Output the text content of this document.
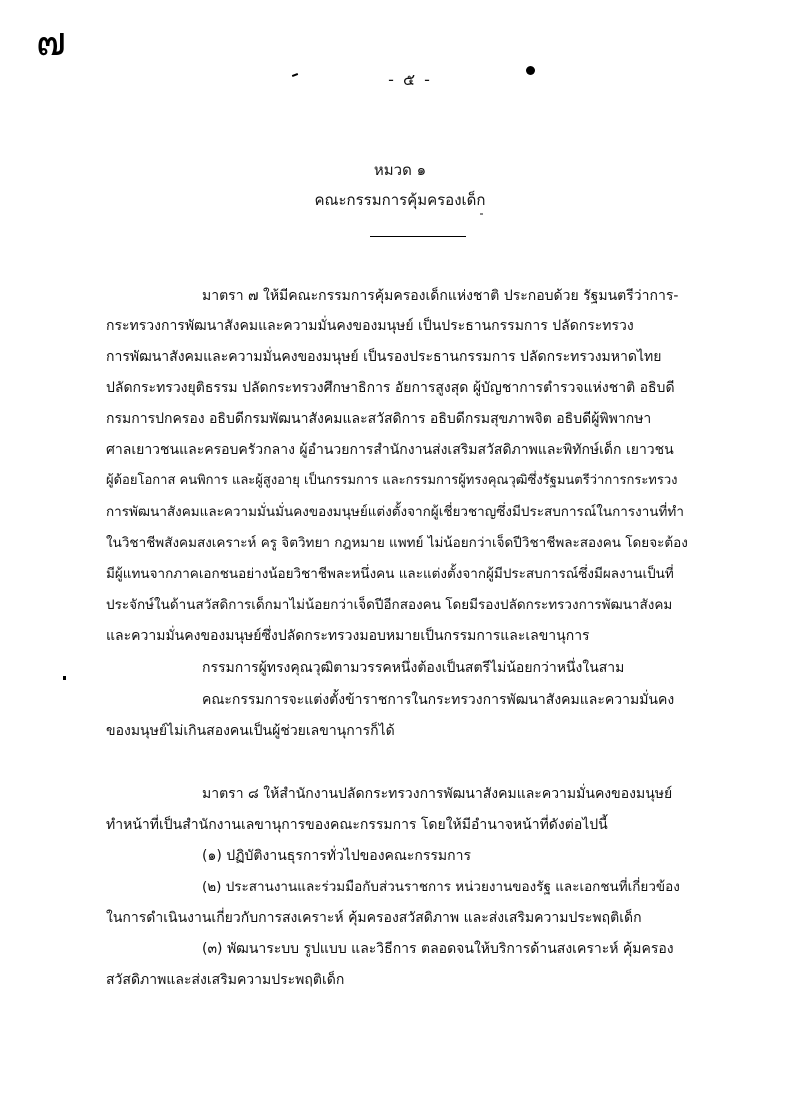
๗
- ๕ -
หมวด ๑
คณะกรรมการคุ้มครองเด็ก
มาตรา ๗ ให้มีคณะกรรมการคุ้มครองเด็กแห่งชาติ ประกอบด้วย รัฐมนตรีว่าการ-
กระทรวงการพัฒนาสังคมและความมั่นคงของมนุษย์ เป็นประธานกรรมการ ปลัดกระทรวง
การพัฒนาสังคมและความมั่นคงของมนุษย์ เป็นรองประธานกรรมการ ปลัดกระทรวงมหาดไทย
ปลัดกระทรวงยุติธรรม ปลัดกระทรวงศึกษาธิการ อัยการสูงสุด ผู้บัญชาการตำรวจแห่งชาติ อธิบดี
กรมการปกครอง อธิบดีกรมพัฒนาสังคมและสวัสดิการ อธิบดีกรมสุขภาพจิต อธิบดีผู้พิพากษา
ศาลเยาวชนและครอบครัวกลาง ผู้อำนวยการสำนักงานส่งเสริมสวัสดิภาพและพิทักษ์เด็ก เยาวชน
ผู้ด้อยโอกาส คนพิการ และผู้สูงอายุ เป็นกรรมการ และกรรมการผู้ทรงคุณวุฒิซึ่งรัฐมนตรีว่าการกระทรวง
การพัฒนาสังคมและความมั่นมั่นคงของมนุษย์แต่งตั้งจากผู้เชี่ยวชาญซึ่งมีประสบการณ์ในการงานที่ทำ
ในวิชาชีพสังคมสงเคราะห์ ครู จิตวิทยา กฎหมาย แพทย์ ไม่น้อยกว่าเจ็ดปีวิชาชีพละสองคน โดยจะต้อง
มีผู้แทนจากภาคเอกชนอย่างน้อยวิชาชีพละหนึ่งคน และแต่งตั้งจากผู้มีประสบการณ์ซึ่งมีผลงานเป็นที่
ประจักษ์ในด้านสวัสดิการเด็กมาไม่น้อยกว่าเจ็ดปีอีกสองคน โดยมีรองปลัดกระทรวงการพัฒนาสังคม
และความมั่นคงของมนุษย์ซึ่งปลัดกระทรวงมอบหมายเป็นกรรมการและเลขานุการ
กรรมการผู้ทรงคุณวุฒิตามวรรคหนึ่งต้องเป็นสตรีไม่น้อยกว่าหนึ่งในสาม
คณะกรรมการจะแต่งตั้งข้าราชการในกระทรวงการพัฒนาสังคมและความมั่นคง
ของมนุษย์ไม่เกินสองคนเป็นผู้ช่วยเลขานุการก็ได้
มาตรา ๘ ให้สำนักงานปลัดกระทรวงการพัฒนาสังคมและความมั่นคงของมนุษย์
ทำหน้าที่เป็นสำนักงานเลขานุการของคณะกรรมการ โดยให้มีอำนาจหน้าที่ดังต่อไปนี้
(๑) ปฏิบัติงานธุรการทั่วไปของคณะกรรมการ
(๒) ประสานงานและร่วมมือกับส่วนราชการ หน่วยงานของรัฐ และเอกชนที่เกี่ยวข้อง
ในการดำเนินงานเกี่ยวกับการสงเคราะห์ คุ้มครองสวัสดิภาพ และส่งเสริมความประพฤติเด็ก
(๓) พัฒนาระบบ รูปแบบ และวิธีการ ตลอดจนให้บริการด้านสงเคราะห์ คุ้มครอง
สวัสดิภาพและส่งเสริมความประพฤติเด็ก
